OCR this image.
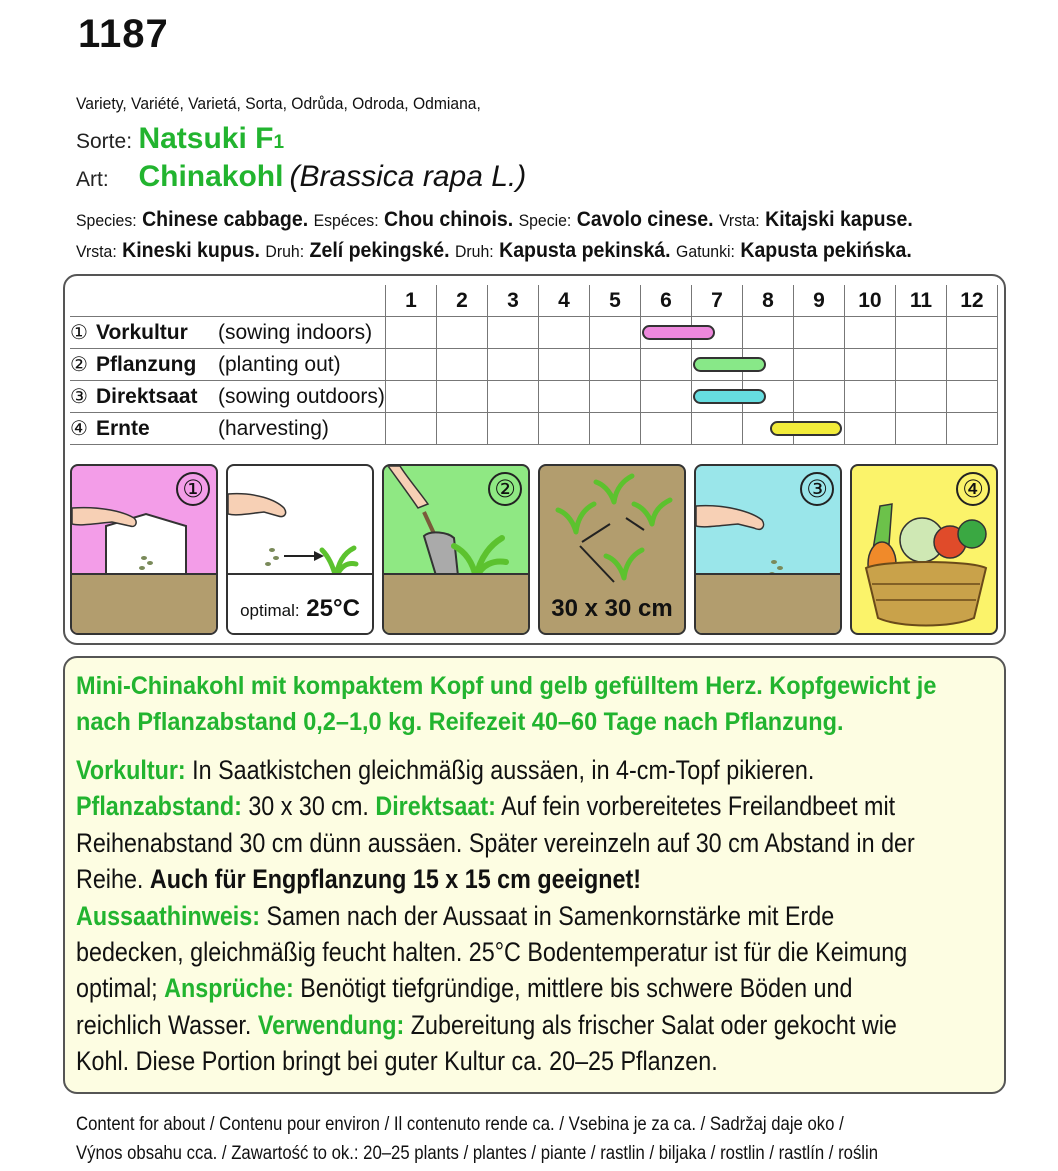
1187
Variety, Variété, Varietá, Sorta, Odrůda, Odroda, Odmiana,
Sorte: Natsuki F1
Art: Chinakohl (Brassica rapa L.)
Species: Chinese cabbage. Espéces: Chou chinois. Specie: Cavolo cinese. Vrsta: Kitajski kapuse.
Vrsta: Kineski kupus. Druh: Zelí pekingské. Druh: Kapusta pekinská. Gatunki: Kapusta pekińska.
	1	2	3	4	5	6	7	8	9	10	11	12
① Vorkultur (sowing indoors)												
② Pflanzung (planting out)												
③ Direktsaat (sowing outdoors)												
④ Ernte (harvesting)												
①
optimal: 25°C
②
30 x 30 cm
③	④
Mini-Chinakohl mit kompaktem Kopf und gelb gefülltem Herz. Kopfgewicht je nach Pflanzabstand 0,2–1,0 kg. Reifezeit 40–60 Tage nach Pflanzung.
Vorkultur: In Saatkistchen gleichmäßig aussäen, in 4-cm-Topf pikieren.
Pflanzabstand: 30 x 30 cm. Direktsaat: Auf fein vorbereitetes Freilandbeet mit Reihenabstand 30 cm dünn aussäen. Später vereinzeln auf 30 cm Abstand in der Reihe. Auch für Engpflanzung 15 x 15 cm geeignet!
Aussaathinweis: Samen nach der Aussaat in Samenkornstärke mit Erde bedecken, gleichmäßig feucht halten. 25°C Bodentemperatur ist für die Keimung optimal; Ansprüche: Benötigt tiefgründige, mittlere bis schwere Böden und reichlich Wasser. Verwendung: Zubereitung als frischer Salat oder gekocht wie Kohl. Diese Portion bringt bei guter Kultur ca. 20–25 Pflanzen.
Content for about / Contenu pour environ / Il contenuto rende ca. / Vsebina je za ca. / Sadržaj daje oko /
Výnos obsahu cca. / Zawartość to ok.: 20–25 plants / plantes / piante / rastlin / biljaka / rostlin / rastlín / roślin
